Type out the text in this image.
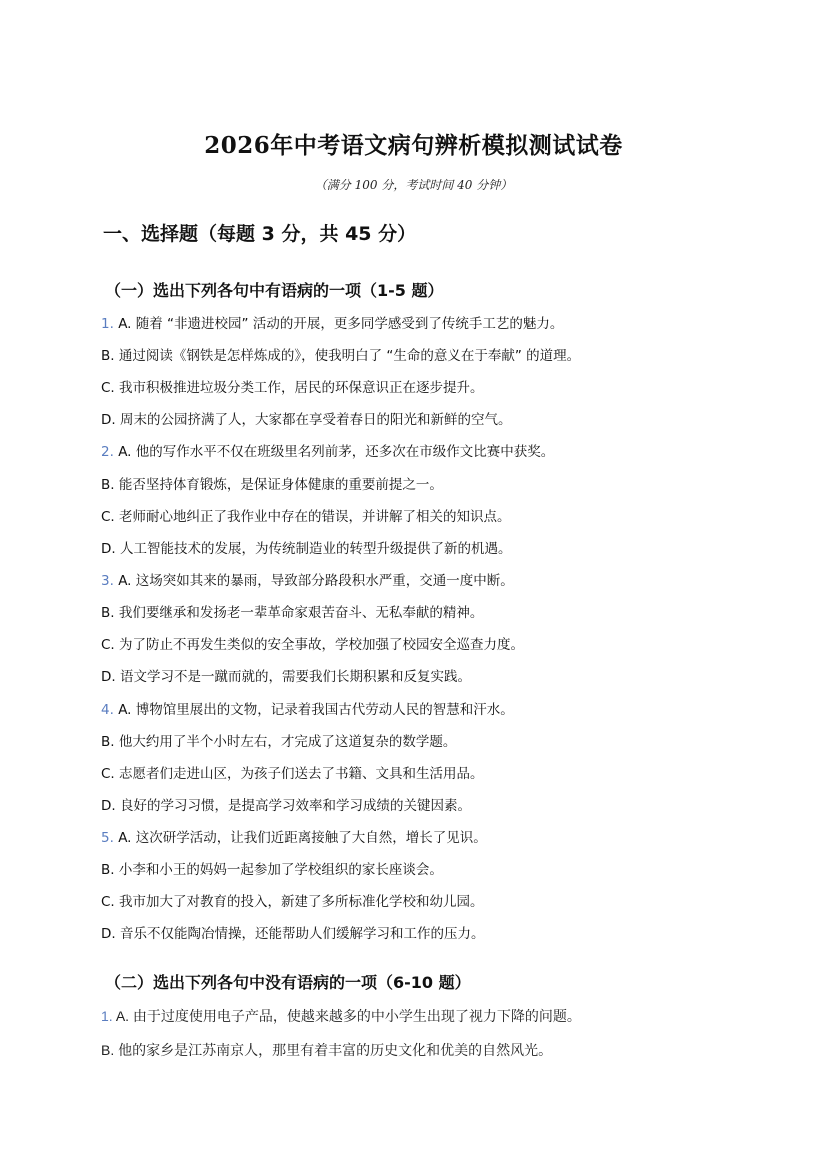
2026年中考语文病句辨析模拟测试试卷
（满分 100 分，考试时间 40 分钟）
一、选择题（每题 3 分，共 45 分）
（一）选出下列各句中有语病的一项（1-5 题）
1. A. 随着 “非遗进校园” 活动的开展，更多同学感受到了传统手工艺的魅力。
B. 通过阅读《钢铁是怎样炼成的》，使我明白了 “生命的意义在于奉献” 的道理。
C. 我市积极推进垃圾分类工作，居民的环保意识正在逐步提升。
D. 周末的公园挤满了人，大家都在享受着春日的阳光和新鲜的空气。
2. A. 他的写作水平不仅在班级里名列前茅，还多次在市级作文比赛中获奖。
B. 能否坚持体育锻炼，是保证身体健康的重要前提之一。
C. 老师耐心地纠正了我作业中存在的错误，并讲解了相关的知识点。
D. 人工智能技术的发展，为传统制造业的转型升级提供了新的机遇。
3. A. 这场突如其来的暴雨，导致部分路段积水严重，交通一度中断。
B. 我们要继承和发扬老一辈革命家艰苦奋斗、无私奉献的精神。
C. 为了防止不再发生类似的安全事故，学校加强了校园安全巡查力度。
D. 语文学习不是一蹴而就的，需要我们长期积累和反复实践。
4. A. 博物馆里展出的文物，记录着我国古代劳动人民的智慧和汗水。
B. 他大约用了半个小时左右，才完成了这道复杂的数学题。
C. 志愿者们走进山区，为孩子们送去了书籍、文具和生活用品。
D. 良好的学习习惯，是提高学习效率和学习成绩的关键因素。
5. A. 这次研学活动，让我们近距离接触了大自然，增长了见识。
B. 小李和小王的妈妈一起参加了学校组织的家长座谈会。
C. 我市加大了对教育的投入，新建了多所标准化学校和幼儿园。
D. 音乐不仅能陶冶情操，还能帮助人们缓解学习和工作的压力。
（二）选出下列各句中没有语病的一项（6-10 题）
1. A. 由于过度使用电子产品，使越来越多的中小学生出现了视力下降的问题。
B. 他的家乡是江苏南京人，那里有着丰富的历史文化和优美的自然风光。
